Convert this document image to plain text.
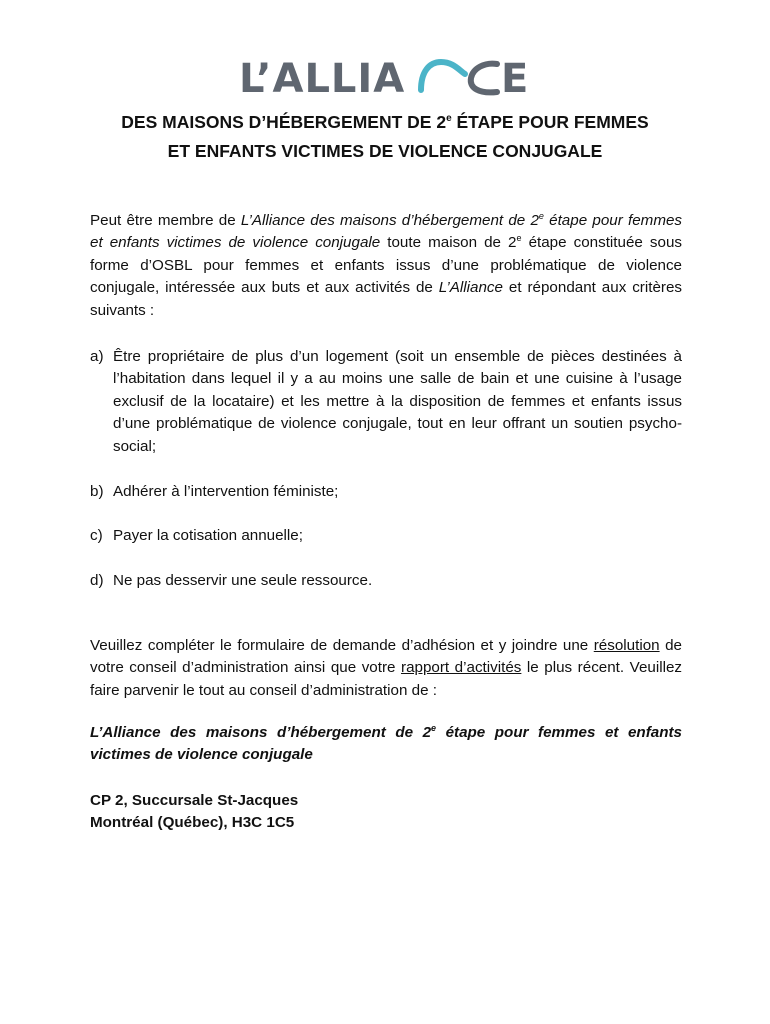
L’ALLIA E
DES MAISONS D’HÉBERGEMENT DE 2e ÉTAPE POUR FEMMES
ET ENFANTS VICTIMES DE VIOLENCE CONJUGALE

Peut être membre de L’Alliance des maisons d’hébergement de 2e étape pour femmes et enfants victimes de violence conjugale toute maison de 2e étape constituée sous forme d’OSBL pour femmes et enfants issus d’une problématique de violence conjugale, intéressée aux buts et aux activités de L’Alliance et répondant aux critères suivants :

a) Être propriétaire de plus d’un logement (soit un ensemble de pièces destinées à l’habitation dans lequel il y a au moins une salle de bain et une cuisine à l’usage exclusif de la locataire) et les mettre à la disposition de femmes et enfants issus d’une problématique de violence conjugale, tout en leur offrant un soutien psycho-social;
b) Adhérer à l’intervention féministe;
c) Payer la cotisation annuelle;
d) Ne pas desservir une seule ressource.

Veuillez compléter le formulaire de demande d’adhésion et y joindre une résolution de votre conseil d’administration ainsi que votre rapport d’activités le plus récent. Veuillez faire parvenir le tout au conseil d’administration de :

L’Alliance des maisons d’hébergement de 2e étape pour femmes et enfants victimes de violence conjugale

CP 2, Succursale St-Jacques
Montréal (Québec), H3C 1C5
